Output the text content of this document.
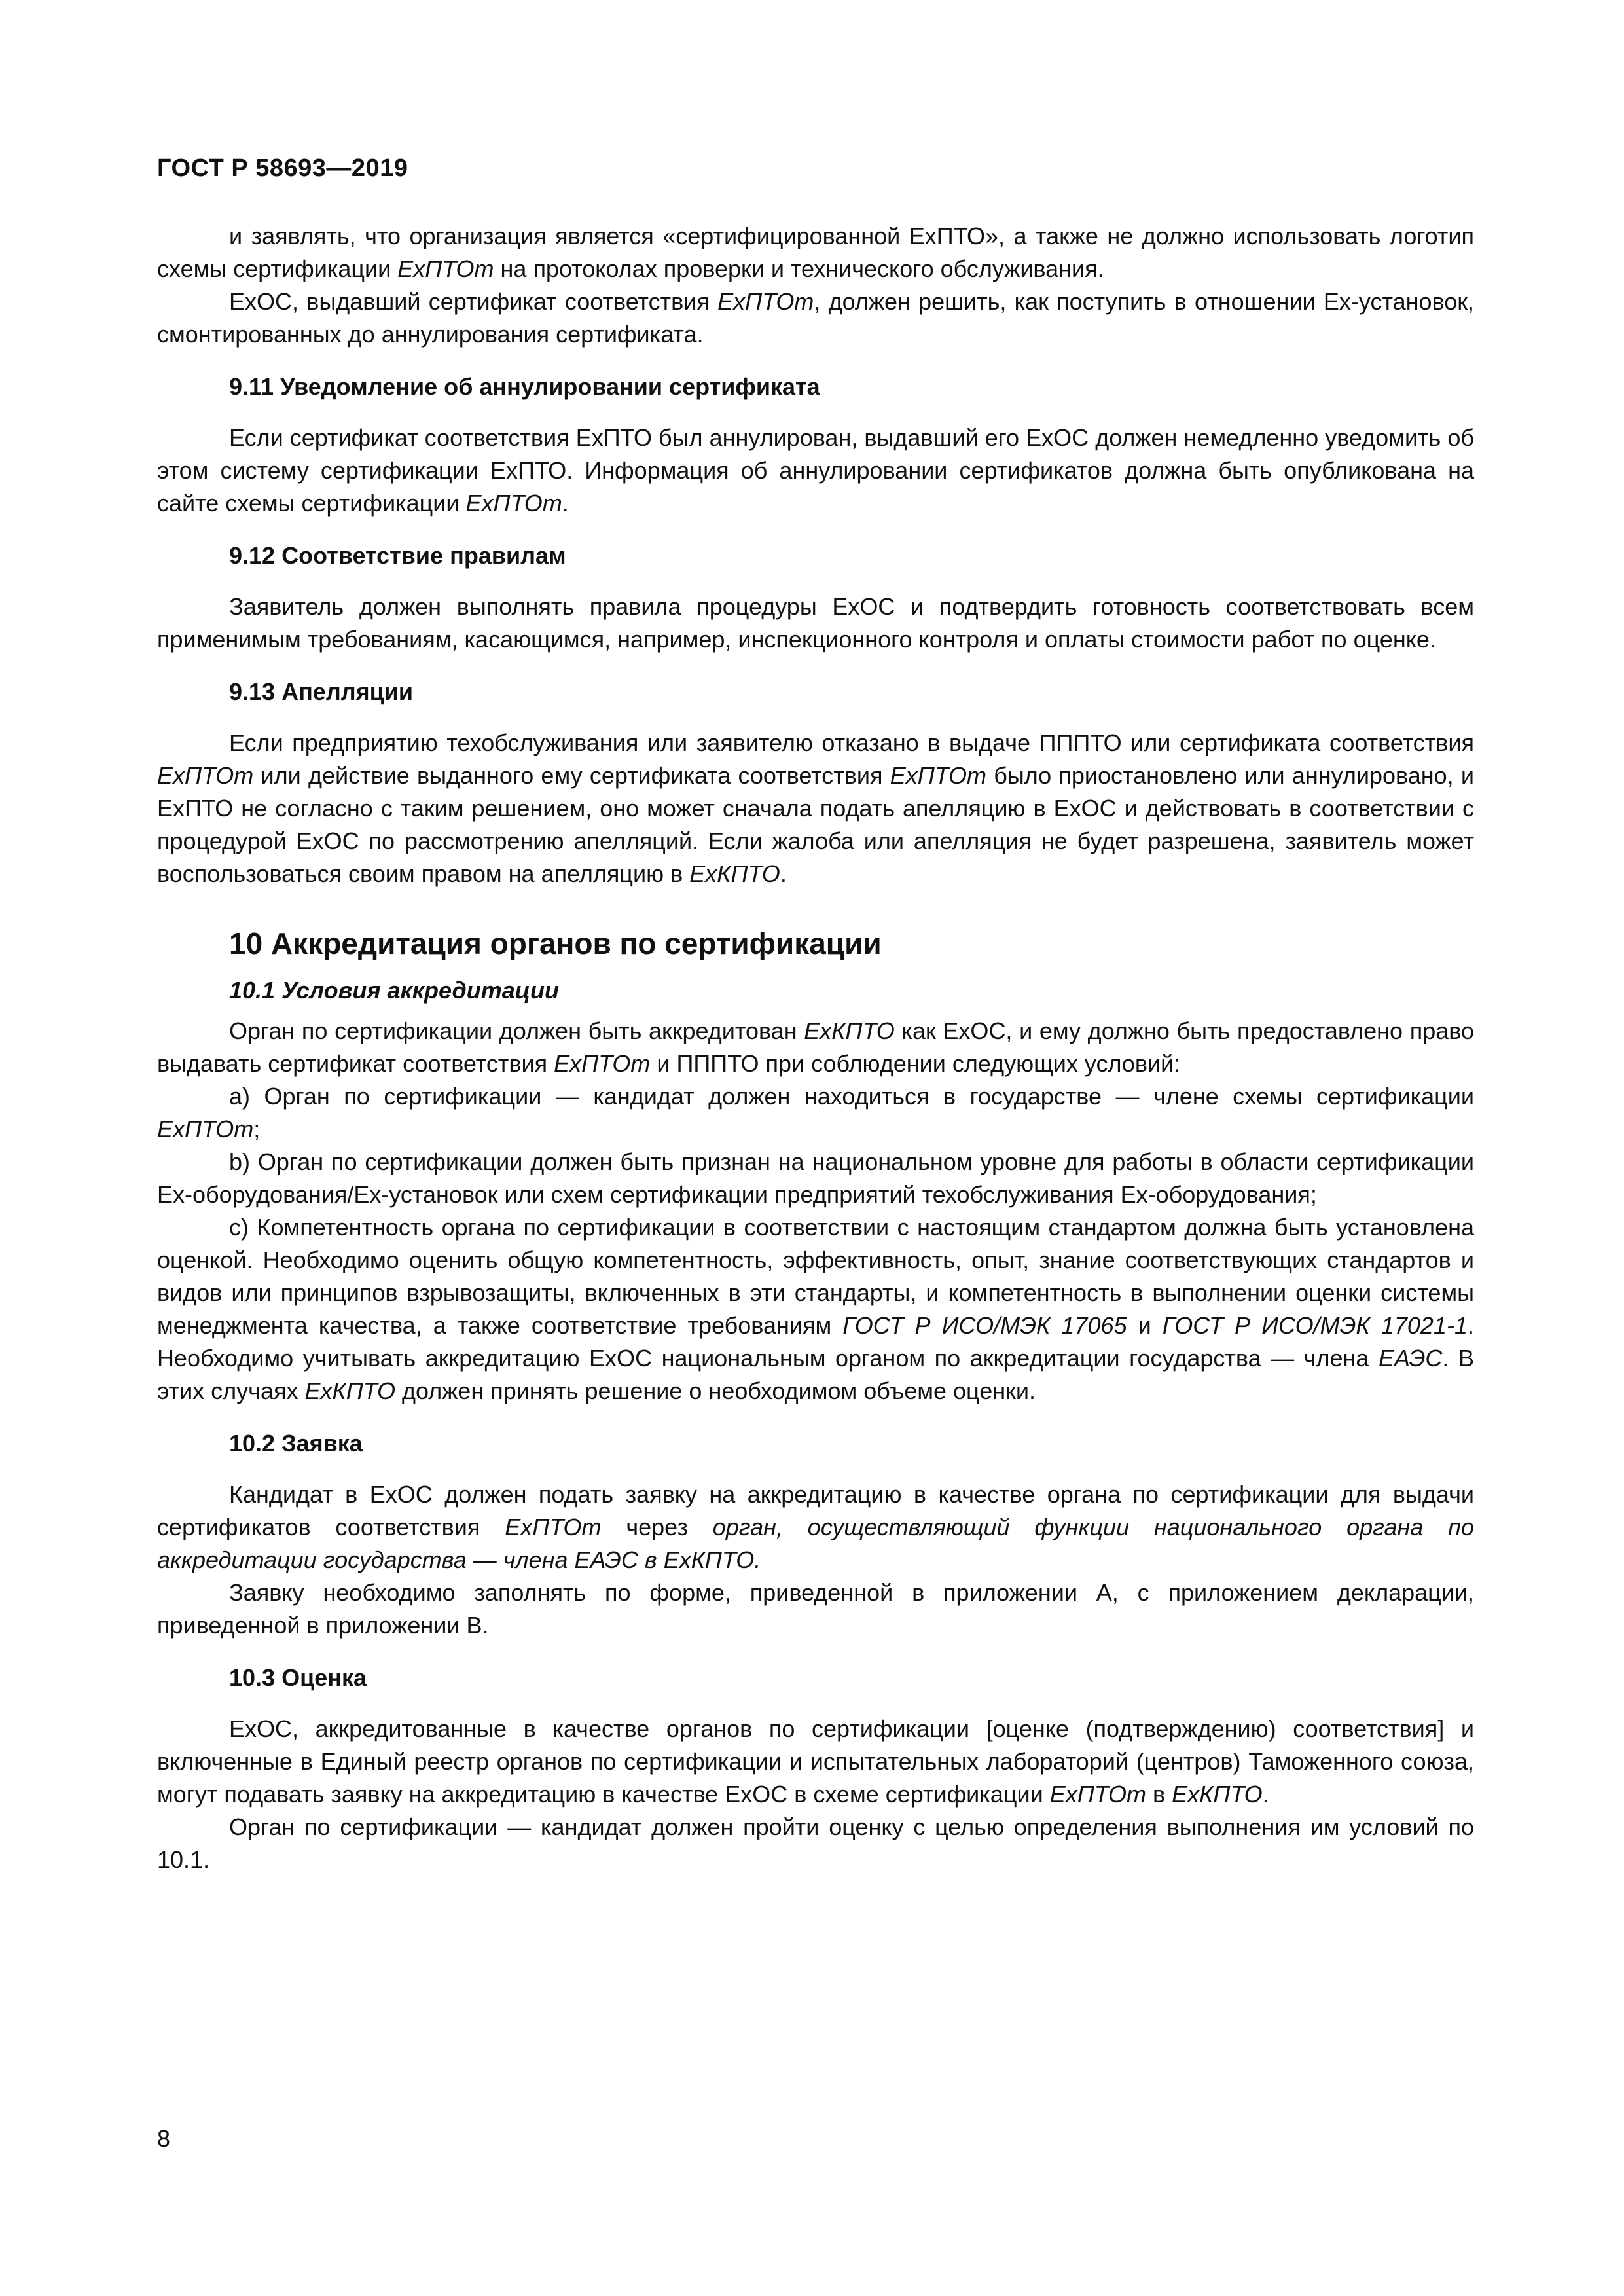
ГОСТ Р 58693—2019

и заявлять, что организация является «сертифицированной ExПТО», а также не должно использовать логотип схемы сертификации ExПТОт на протоколах проверки и технического обслуживания.

ExОС, выдавший сертификат соответствия ExПТОт, должен решить, как поступить в отношении Ex-установок, смонтированных до аннулирования сертификата.

9.11 Уведомление об аннулировании сертификата

Если сертификат соответствия ExПТО был аннулирован, выдавший его ExОС должен немедленно уведомить об этом систему сертификации ExПТО. Информация об аннулировании сертификатов должна быть опубликована на сайте схемы сертификации ExПТОт.

9.12 Соответствие правилам

Заявитель должен выполнять правила процедуры ExОС и подтвердить готовность соответствовать всем применимым требованиям, касающимся, например, инспекционного контроля и оплаты стоимости работ по оценке.

9.13 Апелляции

Если предприятию техобслуживания или заявителю отказано в выдаче ПППТО или сертификата соответствия ExПТОт или действие выданного ему сертификата соответствия ExПТОт было приостановлено или аннулировано, и ExПТО не согласно с таким решением, оно может сначала подать апелляцию в ExОС и действовать в соответствии с процедурой ExОС по рассмотрению апелляций. Если жалоба или апелляция не будет разрешена, заявитель может воспользоваться своим правом на апелляцию в ExКПТО.

10 Аккредитация органов по сертификации
10.1 Условия аккредитации

Орган по сертификации должен быть аккредитован ExКПТО как ExОС, и ему должно быть предоставлено право выдавать сертификат соответствия ExПТОт и ПППТО при соблюдении следующих условий:

a) Орган по сертификации — кандидат должен находиться в государстве — члене схемы сертификации ExПТОт;

b) Орган по сертификации должен быть признан на национальном уровне для работы в области сертификации Ex-оборудования/Ex-установок или схем сертификации предприятий техобслуживания Ex-оборудования;

c) Компетентность органа по сертификации в соответствии с настоящим стандартом должна быть установлена оценкой. Необходимо оценить общую компетентность, эффективность, опыт, знание соответствующих стандартов и видов или принципов взрывозащиты, включенных в эти стандарты, и компетентность в выполнении оценки системы менеджмента качества, а также соответствие требованиям ГОСТ Р ИСО/МЭК 17065 и ГОСТ Р ИСО/МЭК 17021-1. Необходимо учитывать аккредитацию ExОС национальным органом по аккредитации государства — члена ЕАЭС. В этих случаях ExКПТО должен принять решение о необходимом объеме оценки.

10.2 Заявка

Кандидат в ExОС должен подать заявку на аккредитацию в качестве органа по сертификации для выдачи сертификатов соответствия ExПТОт через орган, осуществляющий функции национального органа по аккредитации государства — члена ЕАЭС в ExКПТО.

Заявку необходимо заполнять по форме, приведенной в приложении А, с приложением декларации, приведенной в приложении В.

10.3 Оценка

ExОС, аккредитованные в качестве органов по сертификации [оценке (подтверждению) соответствия] и включенные в Единый реестр органов по сертификации и испытательных лабораторий (центров) Таможенного союза, могут подавать заявку на аккредитацию в качестве ExОС в схеме сертификации ExПТОт в ExКПТО.

Орган по сертификации — кандидат должен пройти оценку с целью определения выполнения им условий по 10.1.

8
